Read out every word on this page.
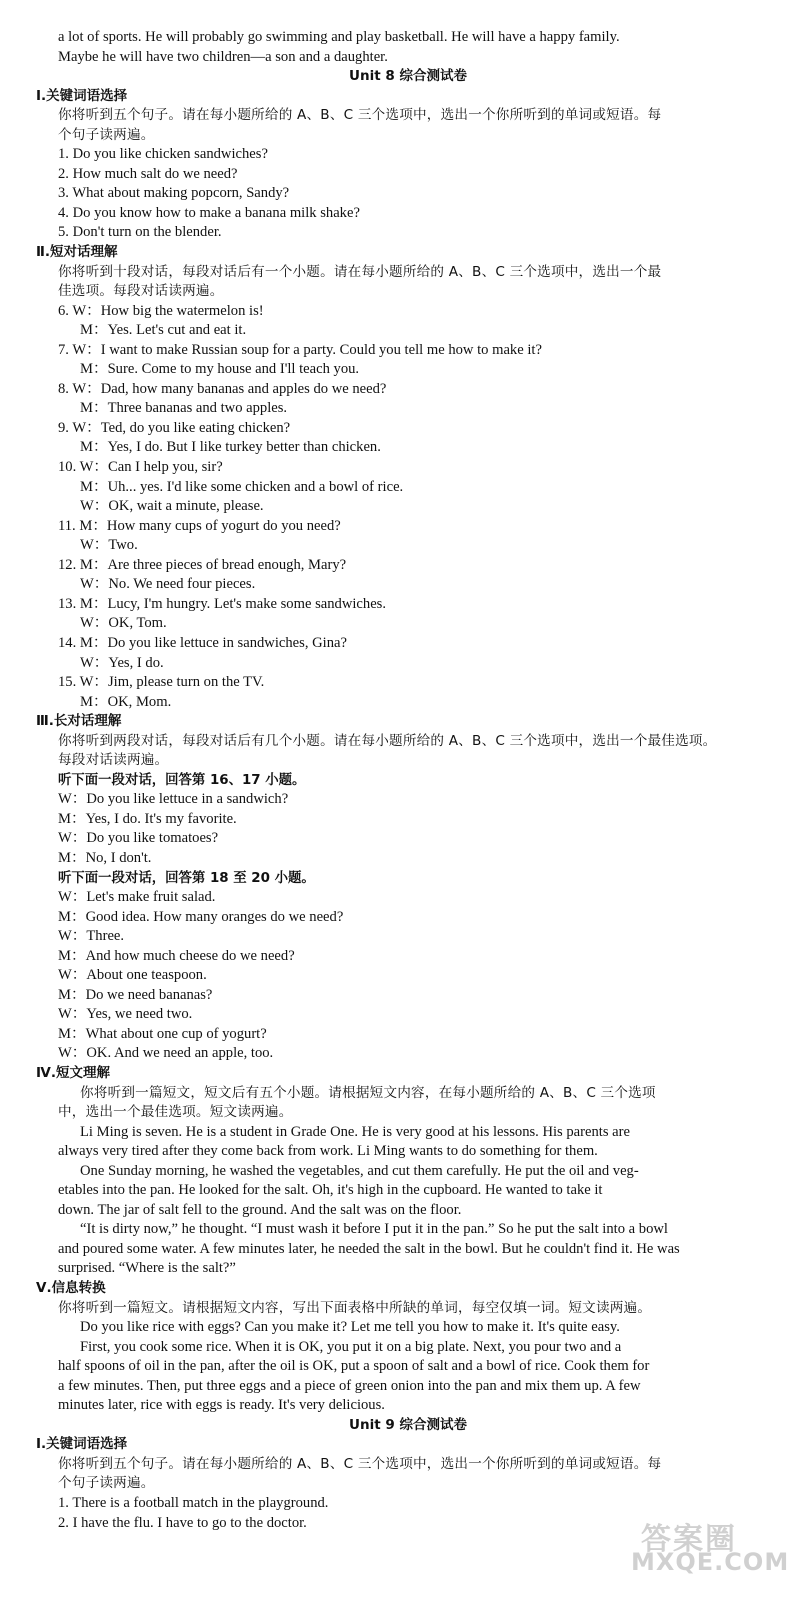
a lot of sports. He will probably go swimming and play basketball. He will have a happy family.
Maybe he will have two children—a son and a daughter.
Unit 8 综合测试卷
Ⅰ.关键词语选择
你将听到五个句子。请在每小题所给的 A、B、C 三个选项中，选出一个你所听到的单词或短语。每
个句子读两遍。
1. Do you like chicken sandwiches?
2. How much salt do we need?
3. What about making popcorn, Sandy?
4. Do you know how to make a banana milk shake?
5. Don't turn on the blender.
Ⅱ.短对话理解
你将听到十段对话，每段对话后有一个小题。请在每小题所给的 A、B、C 三个选项中，选出一个最
佳选项。每段对话读两遍。
6. W：How big the watermelon is!
M：Yes. Let's cut and eat it.
7. W：I want to make Russian soup for a party. Could you tell me how to make it?
M：Sure. Come to my house and I'll teach you.
8. W：Dad, how many bananas and apples do we need?
M：Three bananas and two apples.
9. W：Ted, do you like eating chicken?
M：Yes, I do. But I like turkey better than chicken.
10. W：Can I help you, sir?
M：Uh... yes. I'd like some chicken and a bowl of rice.
W：OK, wait a minute, please.
11. M：How many cups of yogurt do you need?
W：Two.
12. M：Are three pieces of bread enough, Mary?
W：No. We need four pieces.
13. M：Lucy, I'm hungry. Let's make some sandwiches.
W：OK, Tom.
14. M：Do you like lettuce in sandwiches, Gina?
W：Yes, I do.
15. W：Jim, please turn on the TV.
M：OK, Mom.
Ⅲ.长对话理解
你将听到两段对话，每段对话后有几个小题。请在每小题所给的 A、B、C 三个选项中，选出一个最佳选项。
每段对话读两遍。
听下面一段对话，回答第 16、17 小题。
W：Do you like lettuce in a sandwich?
M：Yes, I do. It's my favorite.
W：Do you like tomatoes?
M：No, I don't.
听下面一段对话，回答第 18 至 20 小题。
W：Let's make fruit salad.
M：Good idea. How many oranges do we need?
W：Three.
M：And how much cheese do we need?
W：About one teaspoon.
M：Do we need bananas?
W：Yes, we need two.
M：What about one cup of yogurt?
W：OK. And we need an apple, too.
Ⅳ.短文理解
你将听到一篇短文，短文后有五个小题。请根据短文内容，在每小题所给的 A、B、C 三个选项
中，选出一个最佳选项。短文读两遍。
Li Ming is seven. He is a student in Grade One. He is very good at his lessons. His parents are
always very tired after they come back from work. Li Ming wants to do something for them.
One Sunday morning, he washed the vegetables, and cut them carefully. He put the oil and veg-
etables into the pan. He looked for the salt. Oh, it's high in the cupboard. He wanted to take it
down. The jar of salt fell to the ground. And the salt was on the floor.
“It is dirty now,” he thought. “I must wash it before I put it in the pan.” So he put the salt into a bowl
and poured some water. A few minutes later, he needed the salt in the bowl. But he couldn't find it. He was
surprised. “Where is the salt?”
Ⅴ.信息转换
你将听到一篇短文。请根据短文内容，写出下面表格中所缺的单词，每空仅填一词。短文读两遍。
Do you like rice with eggs? Can you make it? Let me tell you how to make it. It's quite easy.
First, you cook some rice. When it is OK, you put it on a big plate. Next, you pour two and a
half spoons of oil in the pan, after the oil is OK, put a spoon of salt and a bowl of rice. Cook them for
a few minutes. Then, put three eggs and a piece of green onion into the pan and mix them up. A few
minutes later, rice with eggs is ready. It's very delicious.
Unit 9 综合测试卷
Ⅰ.关键词语选择
你将听到五个句子。请在每小题所给的 A、B、C 三个选项中，选出一个你所听到的单词或短语。每
个句子读两遍。
1. There is a football match in the playground.
2. I have the flu. I have to go to the doctor.	答案圈
MXQE.COM
